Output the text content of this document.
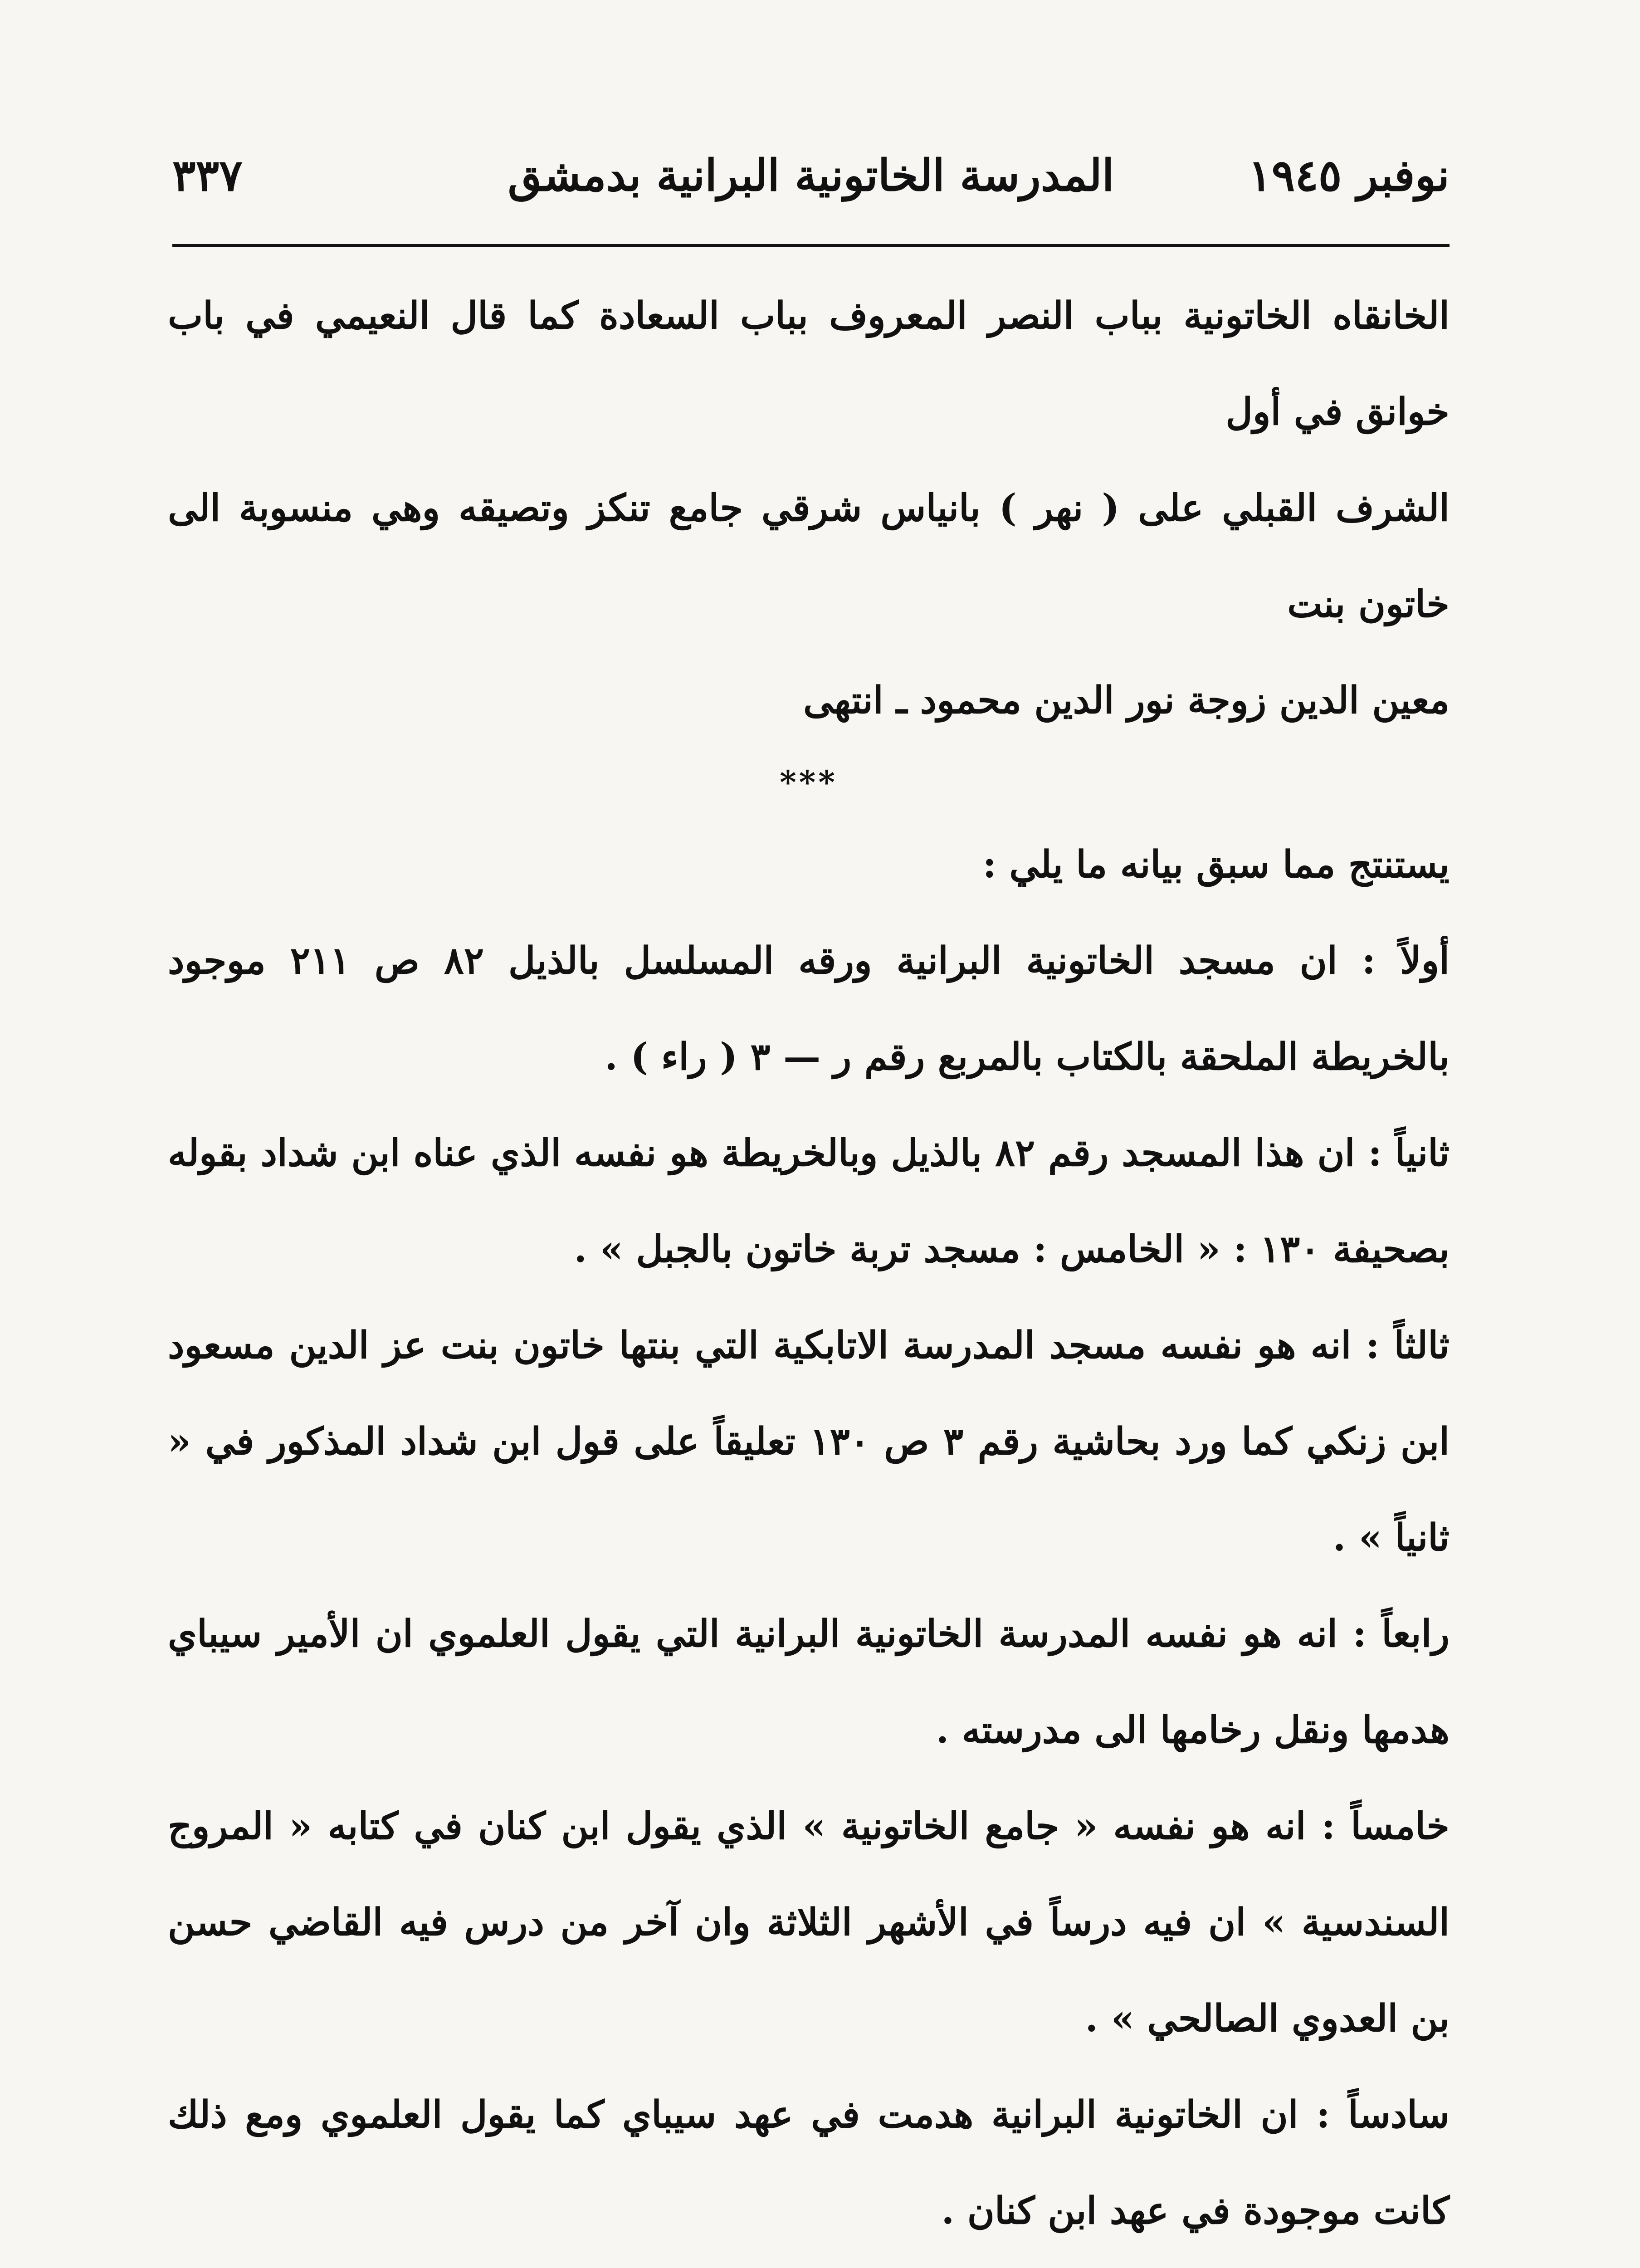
نوفبر ١٩٤٥
المدرسة الخاتونية البرانية بدمشق
٣٣٧

الخانقاه الخاتونية بباب النصر المعروف بباب السعادة كما قال النعيمي في باب خوانق في أول

الشرف القبلي على ( نهر ) بانياس شرقي جامع تنكز وتصيقه وهي منسوبة الى خاتون بنت

معين الدين زوجة نور الدين محمود ـ انتهى

***

يستنتج مما سبق بيانه ما يلي :

أولاً : ان مسجد الخاتونية البرانية ورقه المسلسل بالذيل ٨٢ ص ٢١١ موجود بالخريطة الملحقة بالكتاب بالمربع رقم ر — ٣ ( راء ) .

ثانياً : ان هذا المسجد رقم ٨٢ بالذيل وبالخريطة هو نفسه الذي عناه ابن شداد بقوله بصحيفة ١٣٠ : « الخامس : مسجد تربة خاتون بالجبل » .

ثالثاً : انه هو نفسه مسجد المدرسة الاتابكية التي بنتها خاتون بنت عز الدين مسعود ابن زنكي كما ورد بحاشية رقم ٣ ص ١٣٠ تعليقاً على قول ابن شداد المذكور في « ثانياً » .

رابعاً : انه هو نفسه المدرسة الخاتونية البرانية التي يقول العلموي ان الأمير سيباي هدمها ونقل رخامها الى مدرسته .

خامساً : انه هو نفسه « جامع الخاتونية » الذي يقول ابن كنان في كتابه « المروج السندسية » ان فيه درساً في الأشهر الثلاثة وان آخر من درس فيه القاضي حسن بن العدوي الصالحي » .

سادساً : ان الخاتونية البرانية هدمت في عهد سيباي كما يقول العلموي ومع ذلك كانت موجودة في عهد ابن كنان .
